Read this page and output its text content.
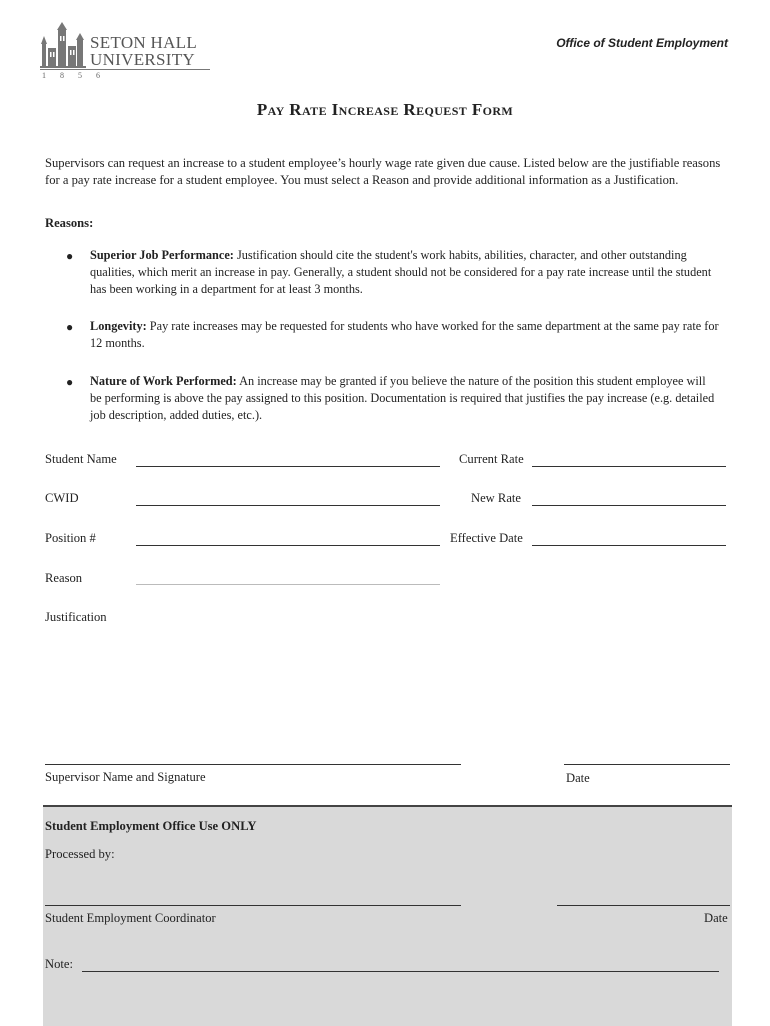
SETON HALL
UNIVERSITY
1856
Office of Student Employment
Pay Rate Increase Request Form
Supervisors can request an increase to a student employee’s hourly wage rate given due cause. Listed below are the justifiable reasons for a pay rate increase for a student employee. You must select a Reason and provide additional information as a Justification.
Reasons:
● Superior Job Performance: Justification should cite the student's work habits, abilities, character, and other outstanding qualities, which merit an increase in pay. Generally, a student should not be considered for a pay rate increase until the student has been working in a department for at least 3 months.
● Longevity: Pay rate increases may be requested for students who have worked for the same department at the same pay rate for 12 months.
● Nature of Work Performed: An increase may be granted if you believe the nature of the position this student employee will be performing is above the pay assigned to this position. Documentation is required that justifies the pay increase (e.g. detailed job description, added duties, etc.).
Student Name
CWID
Position #
Reason
Justification
Current Rate
New Rate
Effective Date
Supervisor Name and Signature	Date
Student Employment Office Use ONLY
Processed by:
Student Employment Coordinator	Date
Note:
